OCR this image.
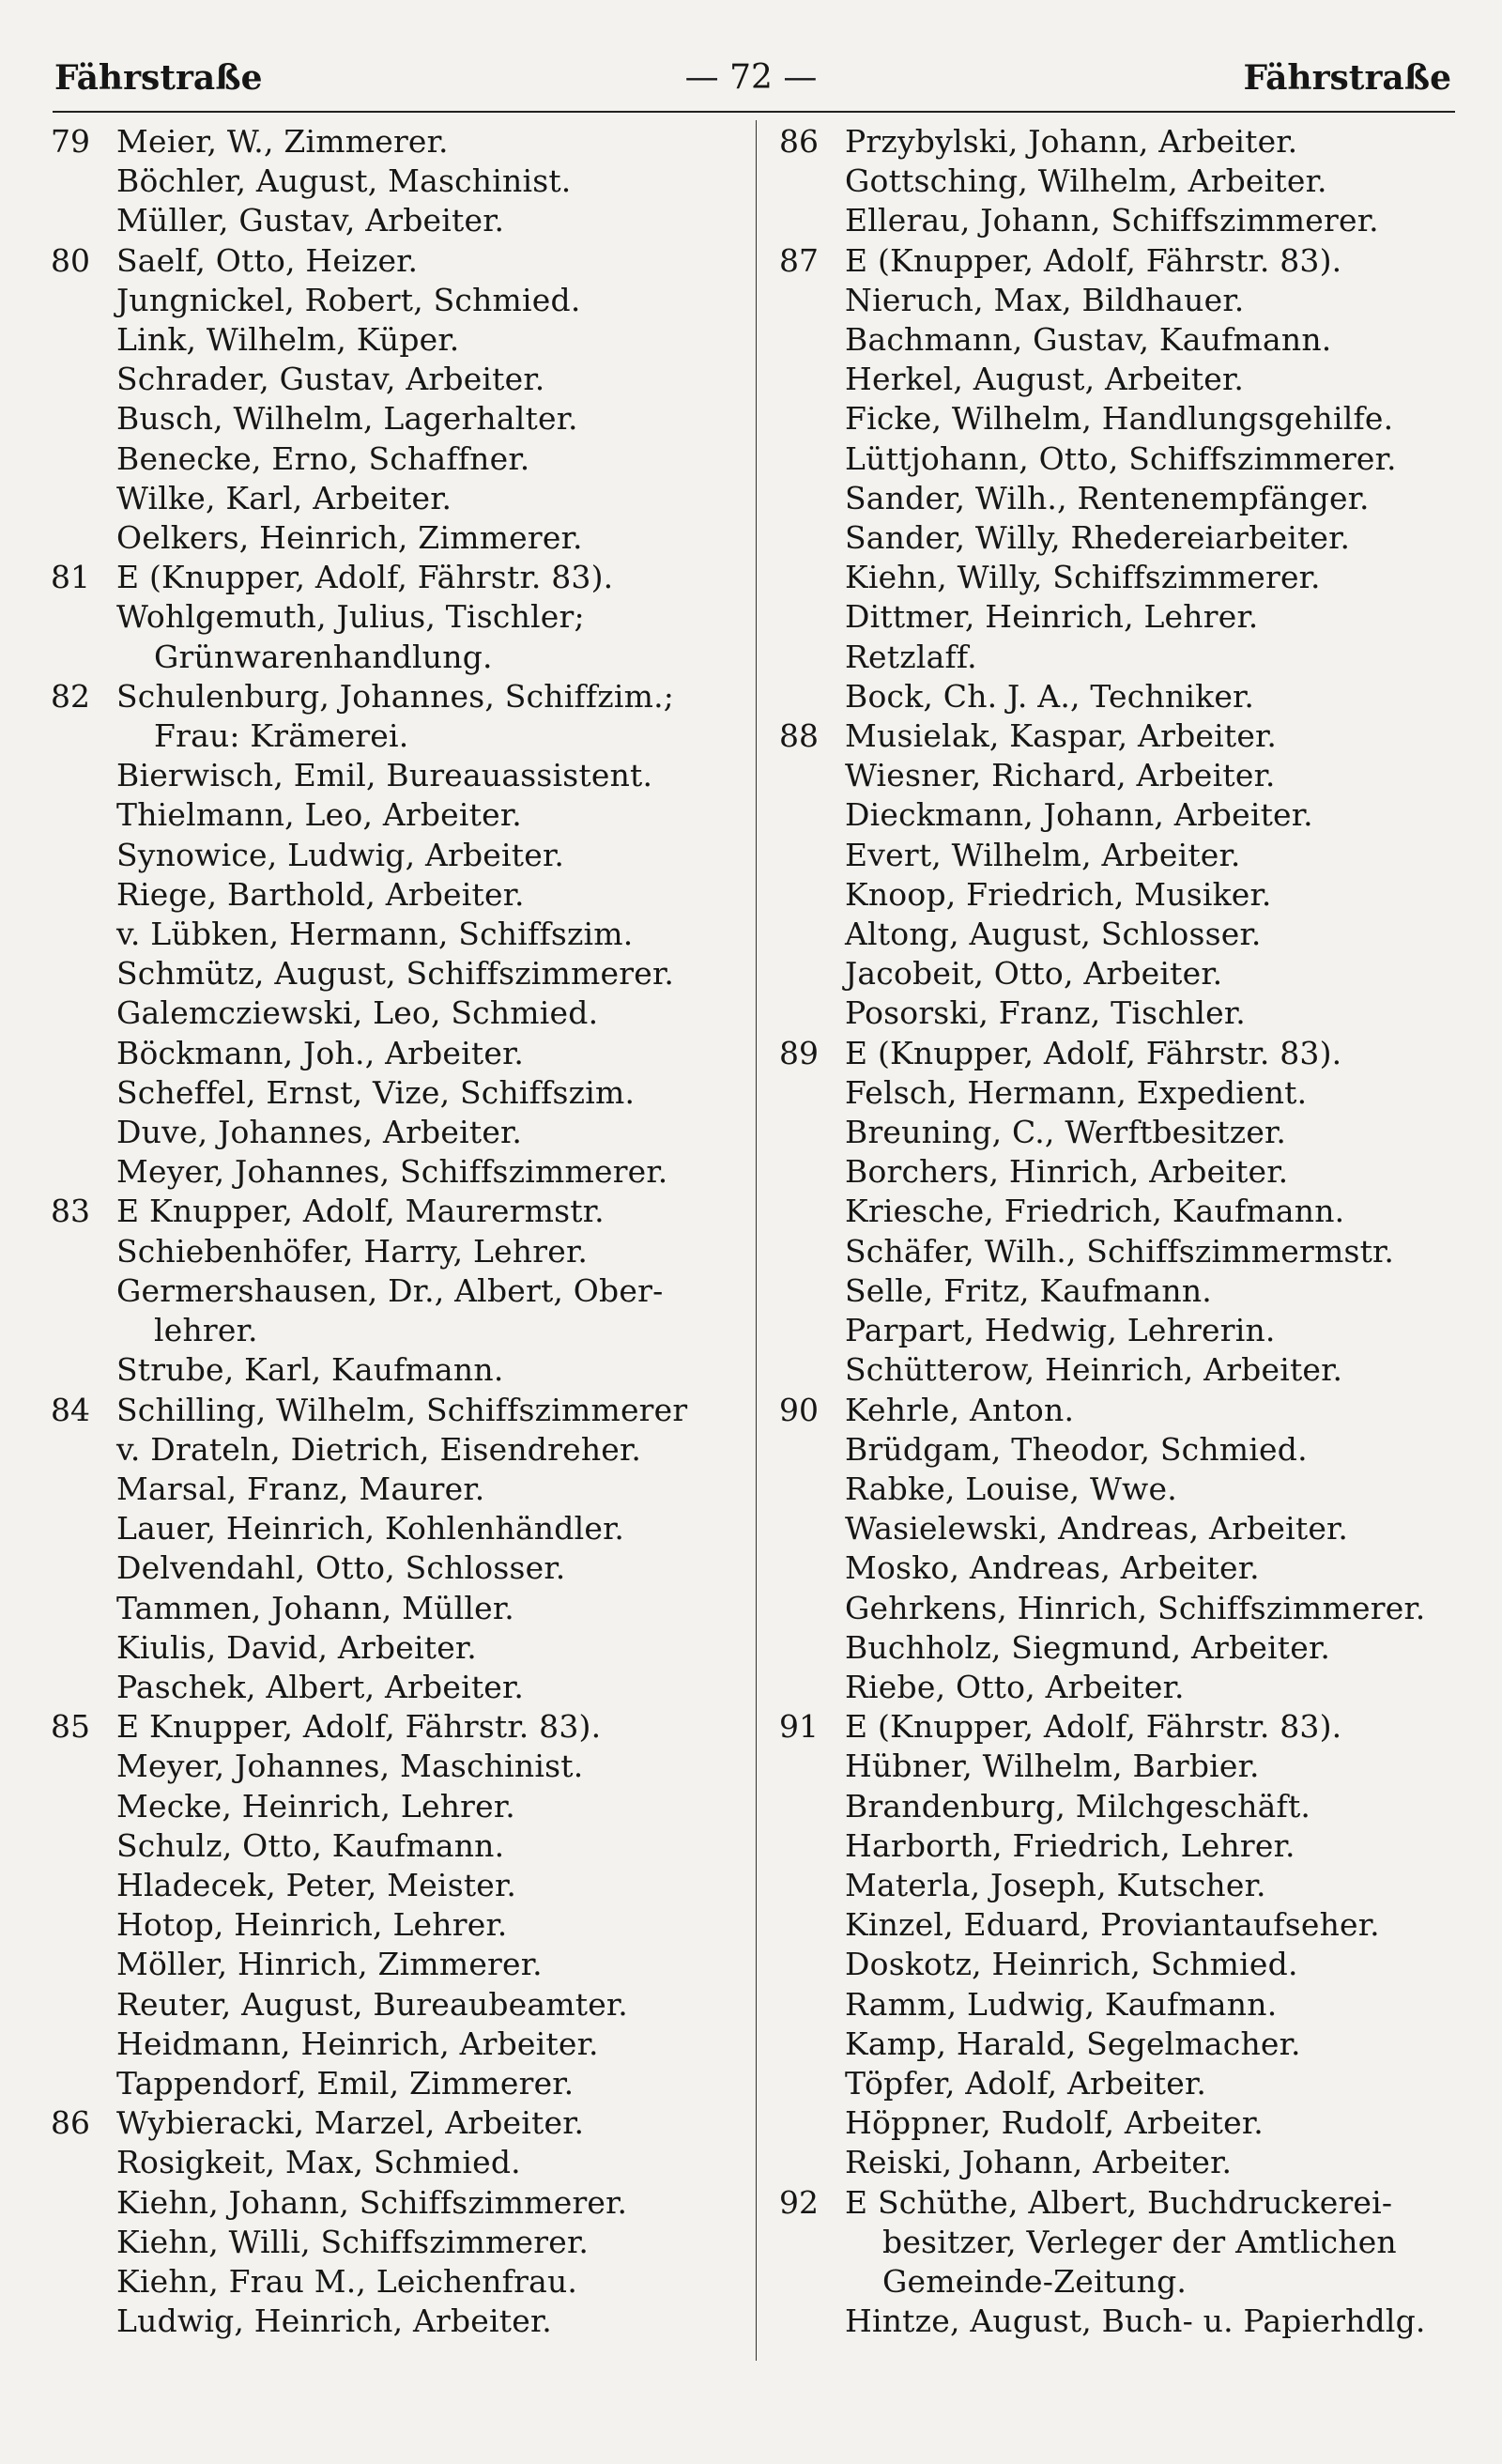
Fährstraße	— 72 —	Fährstraße
79 Meier, W., Zimmerer.
Böchler, August, Maschinist.
Müller, Gustav, Arbeiter.
80 Saelf, Otto, Heizer.
Jungnickel, Robert, Schmied.
Link, Wilhelm, Küper.
Schrader, Gustav, Arbeiter.
Busch, Wilhelm, Lagerhalter.
Benecke, Erno, Schaffner.
Wilke, Karl, Arbeiter.
Oelkers, Heinrich, Zimmerer.
81 E (Knupper, Adolf, Fährstr. 83).
Wohlgemuth, Julius, Tischler;
Grünwarenhandlung.
82 Schulenburg, Johannes, Schiffzim.;
Frau: Krämerei.
Bierwisch, Emil, Bureauassistent.
Thielmann, Leo, Arbeiter.
Synowice, Ludwig, Arbeiter.
Riege, Barthold, Arbeiter.
v. Lübken, Hermann, Schiffszim.
Schmütz, August, Schiffszimmerer.
Galemcziewski, Leo, Schmied.
Böckmann, Joh., Arbeiter.
Scheffel, Ernst, Vize, Schiffszim.
Duve, Johannes, Arbeiter.
Meyer, Johannes, Schiffszimmerer.
83 E Knupper, Adolf, Maurermstr.
Schiebenhöfer, Harry, Lehrer.
Germershausen, Dr., Albert, Ober-
lehrer.
Strube, Karl, Kaufmann.
84 Schilling, Wilhelm, Schiffszimmerer
v. Drateln, Dietrich, Eisendreher.
Marsal, Franz, Maurer.
Lauer, Heinrich, Kohlenhändler.
Delvendahl, Otto, Schlosser.
Tammen, Johann, Müller.
Kiulis, David, Arbeiter.
Paschek, Albert, Arbeiter.
85 E Knupper, Adolf, Fährstr. 83).
Meyer, Johannes, Maschinist.
Mecke, Heinrich, Lehrer.
Schulz, Otto, Kaufmann.
Hladecek, Peter, Meister.
Hotop, Heinrich, Lehrer.
Möller, Hinrich, Zimmerer.
Reuter, August, Bureaubeamter.
Heidmann, Heinrich, Arbeiter.
Tappendorf, Emil, Zimmerer.
86 Wybieracki, Marzel, Arbeiter.
Rosigkeit, Max, Schmied.
Kiehn, Johann, Schiffszimmerer.
Kiehn, Willi, Schiffszimmerer.
Kiehn, Frau M., Leichenfrau.
Ludwig, Heinrich, Arbeiter.
86 Przybylski, Johann, Arbeiter.
Gottsching, Wilhelm, Arbeiter.
Ellerau, Johann, Schiffszimmerer.
87 E (Knupper, Adolf, Fährstr. 83).
Nieruch, Max, Bildhauer.
Bachmann, Gustav, Kaufmann.
Herkel, August, Arbeiter.
Ficke, Wilhelm, Handlungsgehilfe.
Lüttjohann, Otto, Schiffszimmerer.
Sander, Wilh., Rentenempfänger.
Sander, Willy, Rhedereiarbeiter.
Kiehn, Willy, Schiffszimmerer.
Dittmer, Heinrich, Lehrer.
Retzlaff.
Bock, Ch. J. A., Techniker.
88 Musielak, Kaspar, Arbeiter.
Wiesner, Richard, Arbeiter.
Dieckmann, Johann, Arbeiter.
Evert, Wilhelm, Arbeiter.
Knoop, Friedrich, Musiker.
Altong, August, Schlosser.
Jacobeit, Otto, Arbeiter.
Posorski, Franz, Tischler.
89 E (Knupper, Adolf, Fährstr. 83).
Felsch, Hermann, Expedient.
Breuning, C., Werftbesitzer.
Borchers, Hinrich, Arbeiter.
Kriesche, Friedrich, Kaufmann.
Schäfer, Wilh., Schiffszimmermstr.
Selle, Fritz, Kaufmann.
Parpart, Hedwig, Lehrerin.
Schütterow, Heinrich, Arbeiter.
90 Kehrle, Anton.
Brüdgam, Theodor, Schmied.
Rabke, Louise, Wwe.
Wasielewski, Andreas, Arbeiter.
Mosko, Andreas, Arbeiter.
Gehrkens, Hinrich, Schiffszimmerer.
Buchholz, Siegmund, Arbeiter.
Riebe, Otto, Arbeiter.
91 E (Knupper, Adolf, Fährstr. 83).
Hübner, Wilhelm, Barbier.
Brandenburg, Milchgeschäft.
Harborth, Friedrich, Lehrer.
Materla, Joseph, Kutscher.
Kinzel, Eduard, Proviantaufseher.
Doskotz, Heinrich, Schmied.
Ramm, Ludwig, Kaufmann.
Kamp, Harald, Segelmacher.
Töpfer, Adolf, Arbeiter.
Höppner, Rudolf, Arbeiter.
Reiski, Johann, Arbeiter.
92 E Schüthe, Albert, Buchdruckerei-
besitzer, Verleger der Amtlichen
Gemeinde-Zeitung.
Hintze, August, Buch- u. Papierhdlg.
